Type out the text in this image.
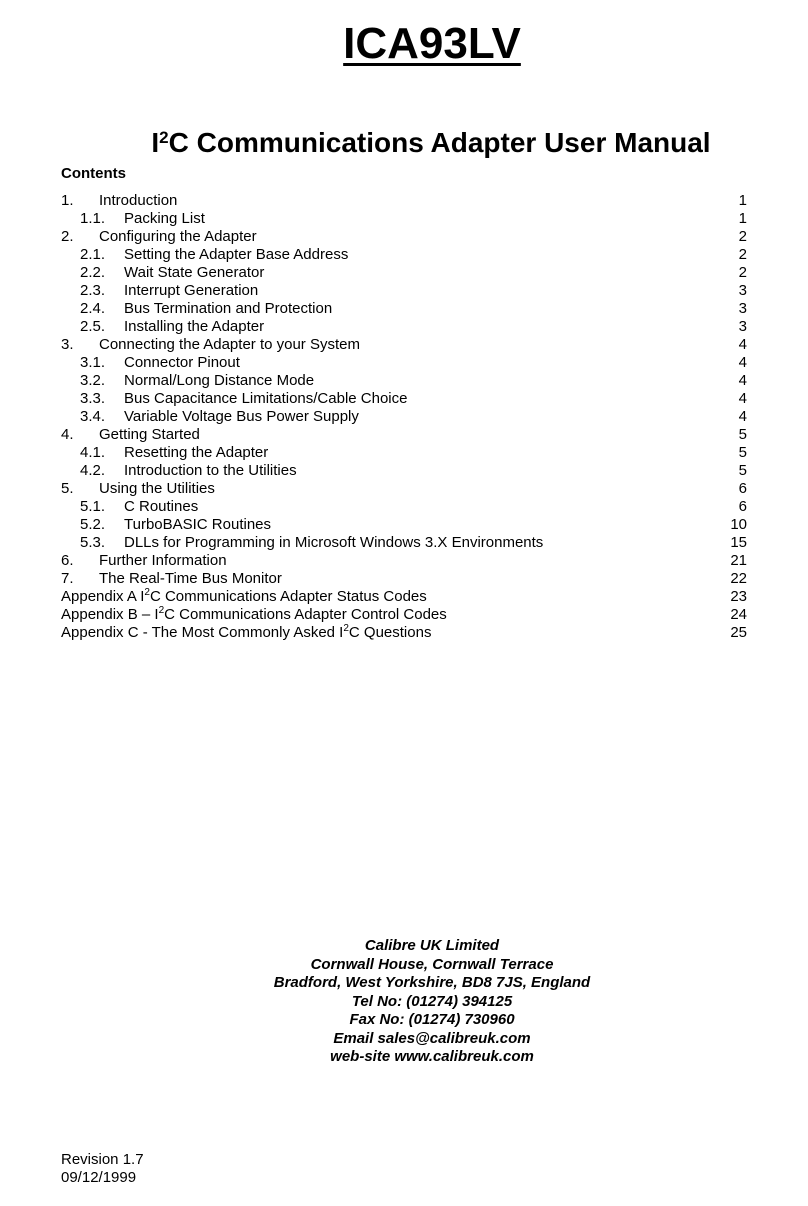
ICA93LV
$I^2C$ Communications Adapter User Manual
Contents
1. Introduction	1
1.1. Packing List	1
2. Configuring the Adapter	2
2.1. Setting the Adapter Base Address	2
2.2. Wait State Generator	2
2.3. Interrupt Generation	3
2.4. Bus Termination and Protection	3
2.5. Installing the Adapter	3
3. Connecting the Adapter to your System	4
3.1. Connector Pinout	4
3.2. Normal/Long Distance Mode	4
3.3. Bus Capacitance Limitations/Cable Choice	4
3.4. Variable Voltage Bus Power Supply	4
4. Getting Started	5
4.1. Resetting the Adapter	5
4.2. Introduction to the Utilities	5
5. Using the Utilities	6
5.1. C Routines	6
5.2. TurboBASIC Routines	10
5.3. DLLs for Programming in Microsoft Windows 3.X Environments	15
6. Further Information	21
7. The Real-Time Bus Monitor	22
Appendix A $I^2C$ Communications Adapter Status Codes	23
Appendix B – $I^2C$ Communications Adapter Control Codes	24
Appendix C - The Most Commonly Asked $I^2C$ Questions	25
Calibre UK Limited
Cornwall House, Cornwall Terrace
Bradford, West Yorkshire, BD8 7JS, England
Tel No: (01274) 394125
Fax No: (01274) 730960
Email sales@calibreuk.com
web-site www.calibreuk.com
Revision 1.7
09/12/1999
